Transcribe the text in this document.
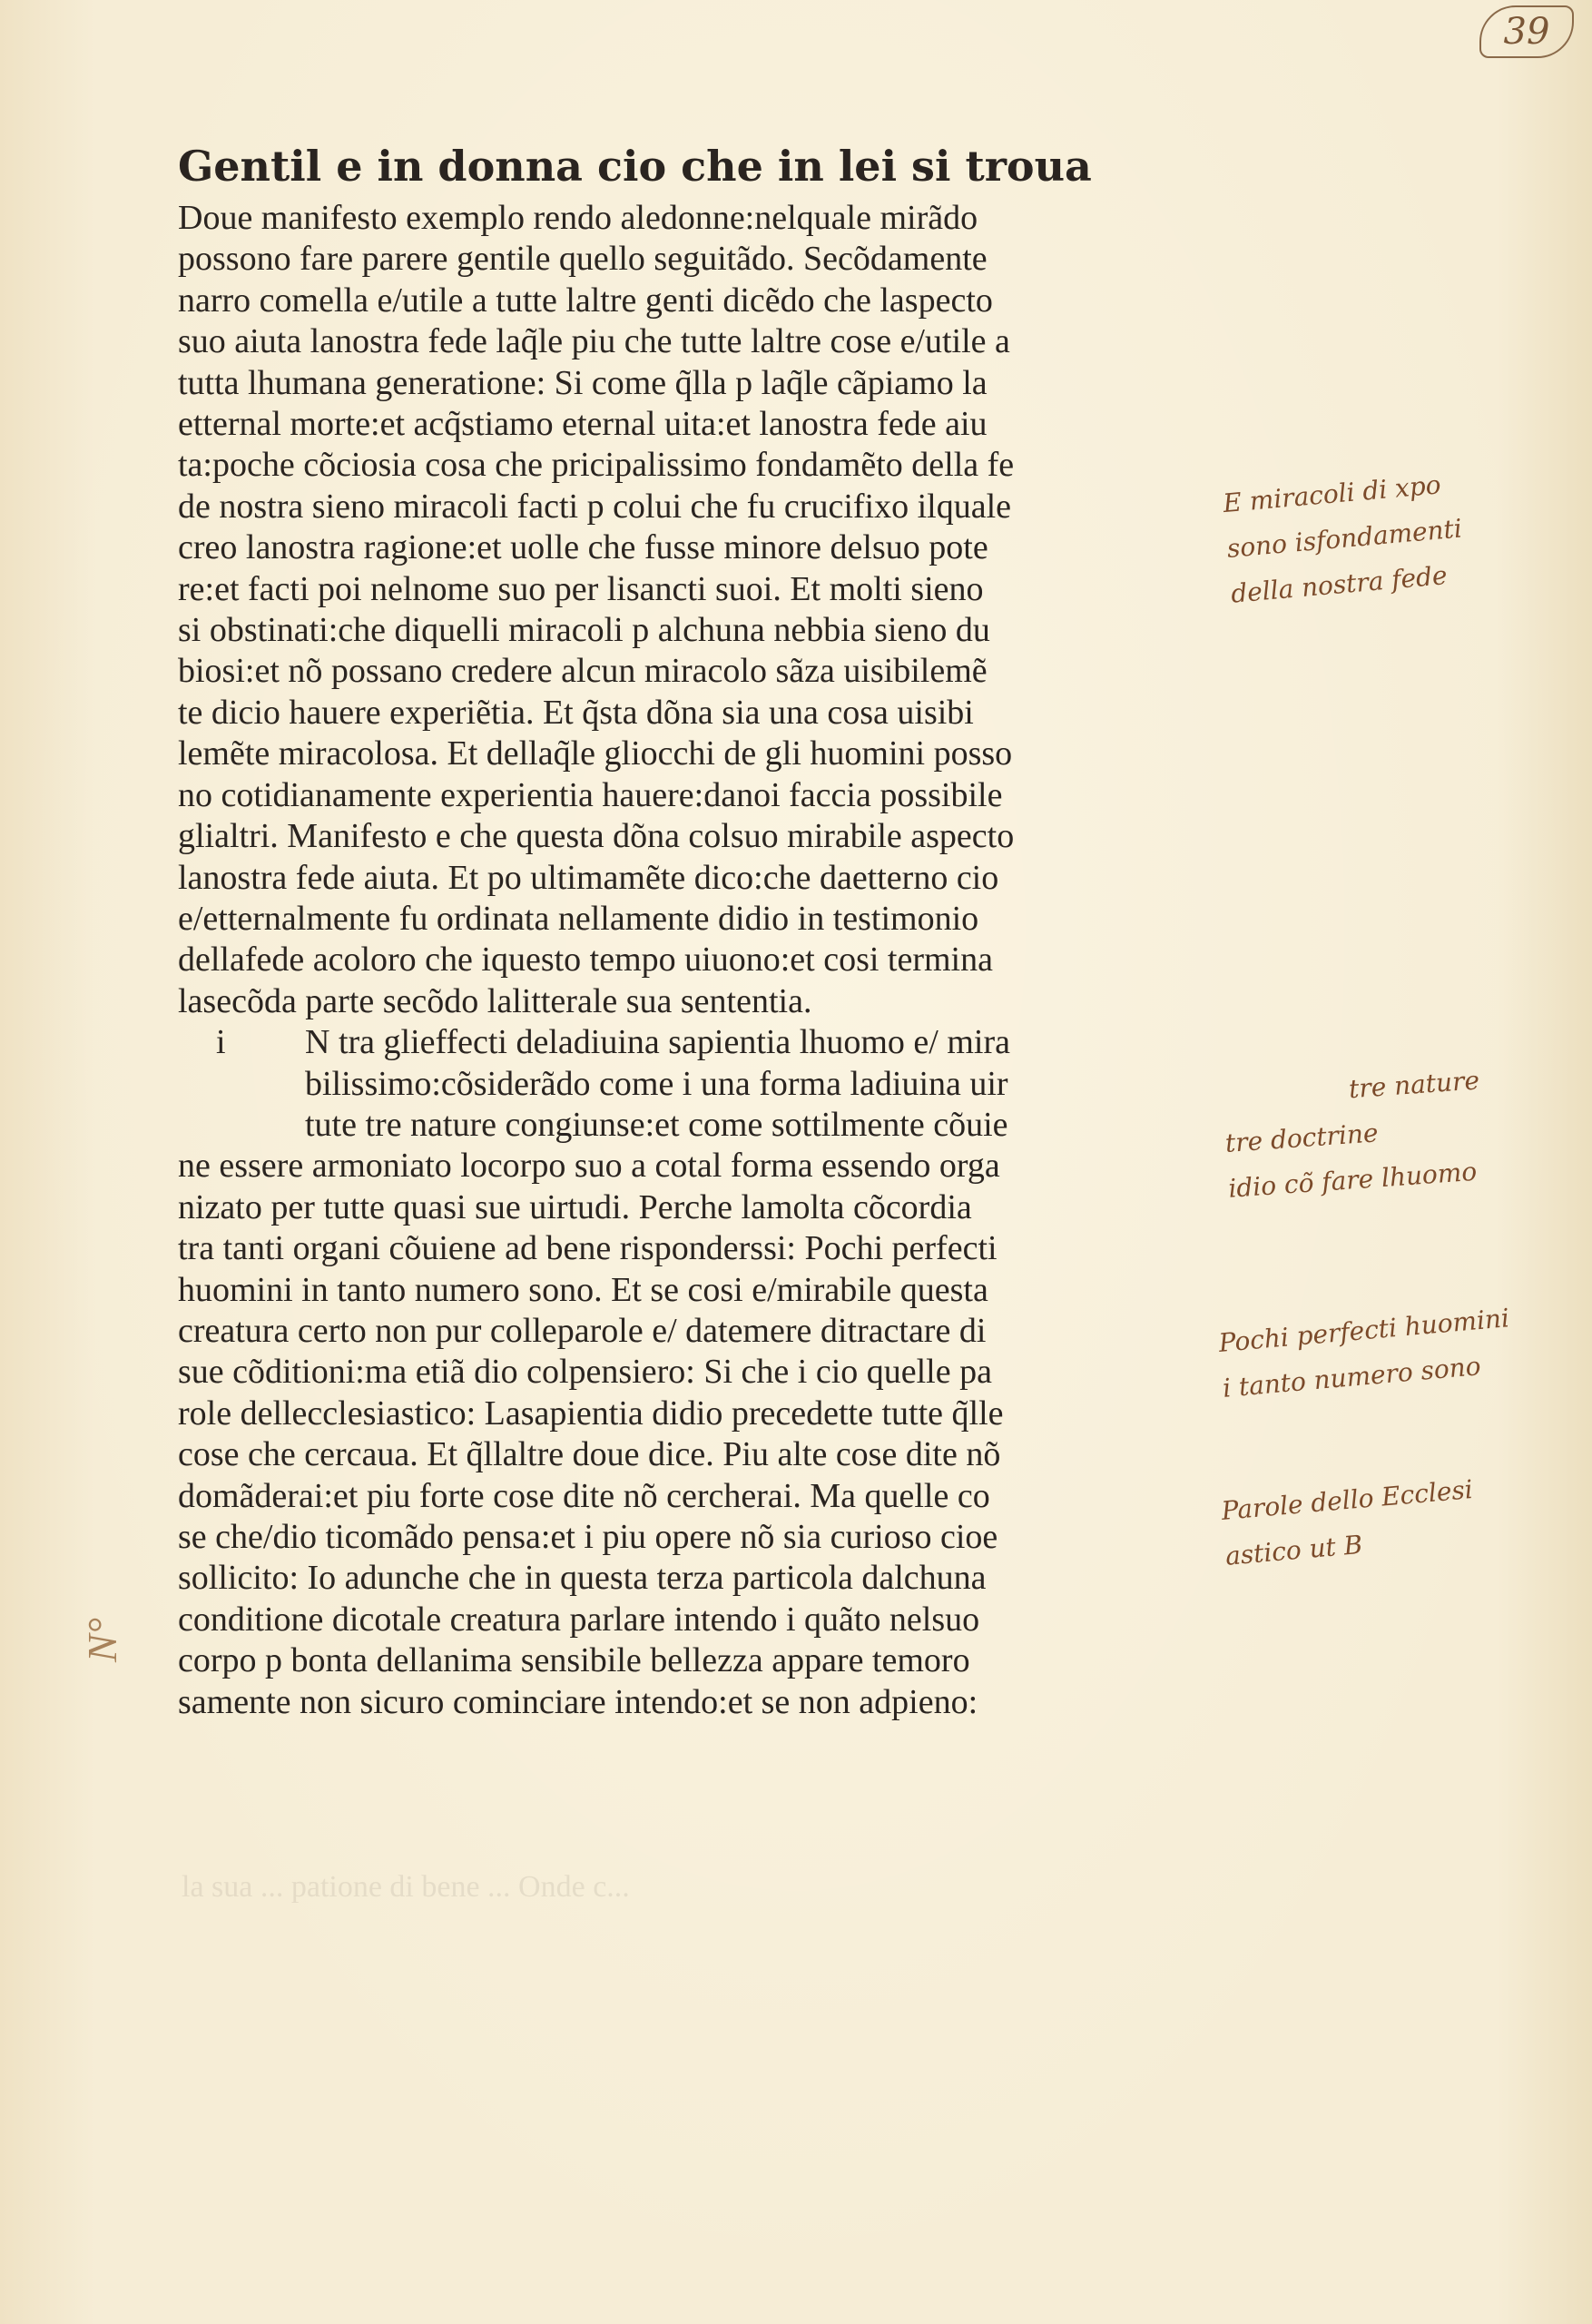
39
Gentil e in donna cio che in lei si troua
Doue manifesto exemplo rendo aledonne:nelquale mirãdo
possono fare parere gentile quello seguitãdo. Secõdamente
narro comella e/utile a tutte laltre genti dicẽdo che laspecto
suo aiuta lanostra fede laq̃le piu che tutte laltre cose e/utile a
tutta lhumana generatione: Si come q̃lla p laq̃le cãpiamo la
etternal morte:et acq̃stiamo eternal uita:et lanostra fede aiu
ta:poche cõciosia cosa che pricipalissimo fondamẽto della fe
de nostra sieno miracoli facti p colui che fu crucifixo ilquale
creo lanostra ragione:et uolle che fusse minore delsuo pote
re:et facti poi nelnome suo per lisancti suoi. Et molti sieno
si obstinati:che diquelli miracoli p alchuna nebbia sieno du
biosi:et nõ possano credere alcun miracolo sãza uisibilemẽ
te dicio hauere experiẽtia. Et q̃sta dõna sia una cosa uisibi
lemẽte miracolosa. Et dellaq̃le gliocchi de gli huomini posso
no cotidianamente experientia hauere:danoi faccia possibile
glialtri. Manifesto e che questa dõna colsuo mirabile aspecto
lanostra fede aiuta. Et po ultimamẽte dico:che daetterno cio
e/etternalmente fu ordinata nellamente didio in testimonio
dellafede acoloro che iquesto tempo uiuono:et cosi termina
lasecõda parte secõdo lalitterale sua sententia.
i	N tra glieffecti deladiuina sapientia lhuomo e/ mira
bilissimo:cõsiderãdo come i una forma ladiuina uir
tute tre nature congiunse:et come sottilmente cõuie
ne essere armoniato locorpo suo a cotal forma essendo orga
nizato per tutte quasi sue uirtudi. Perche lamolta cõcordia
tra tanti organi cõuiene ad bene risponderssi: Pochi perfecti
huomini in tanto numero sono. Et se cosi e/mirabile questa
creatura certo non pur colleparole e/ datemere ditractare di
sue cõditioni:ma etiã dio colpensiero: Si che i cio quelle pa
role dellecclesiastico: Lasapientia didio precedette tutte q̃lle
cose che cercaua. Et q̃llaltre doue dice. Piu alte cose dite nõ
domãderai:et piu forte cose dite nõ cercherai. Ma quelle co
se che/dio ticomãdo pensa:et i piu opere nõ sia curioso cioe
sollicito: Io adunche che in questa terza particola dalchuna
conditione dicotale creatura parlare intendo i quãto nelsuo
corpo p bonta dellanima sensibile bellezza appare temoro
samente non sicuro cominciare intendo:et se non adpieno:
la sua ... patione di bene ... Onde c...
N°
E miracoli di xpo
sono isfondamenti
della nostra fede
tre nature
tre doctrine
idio cõ fare lhuomo
Pochi perfecti huomini
i tanto numero sono
Parole dello Ecclesi
astico ut B
